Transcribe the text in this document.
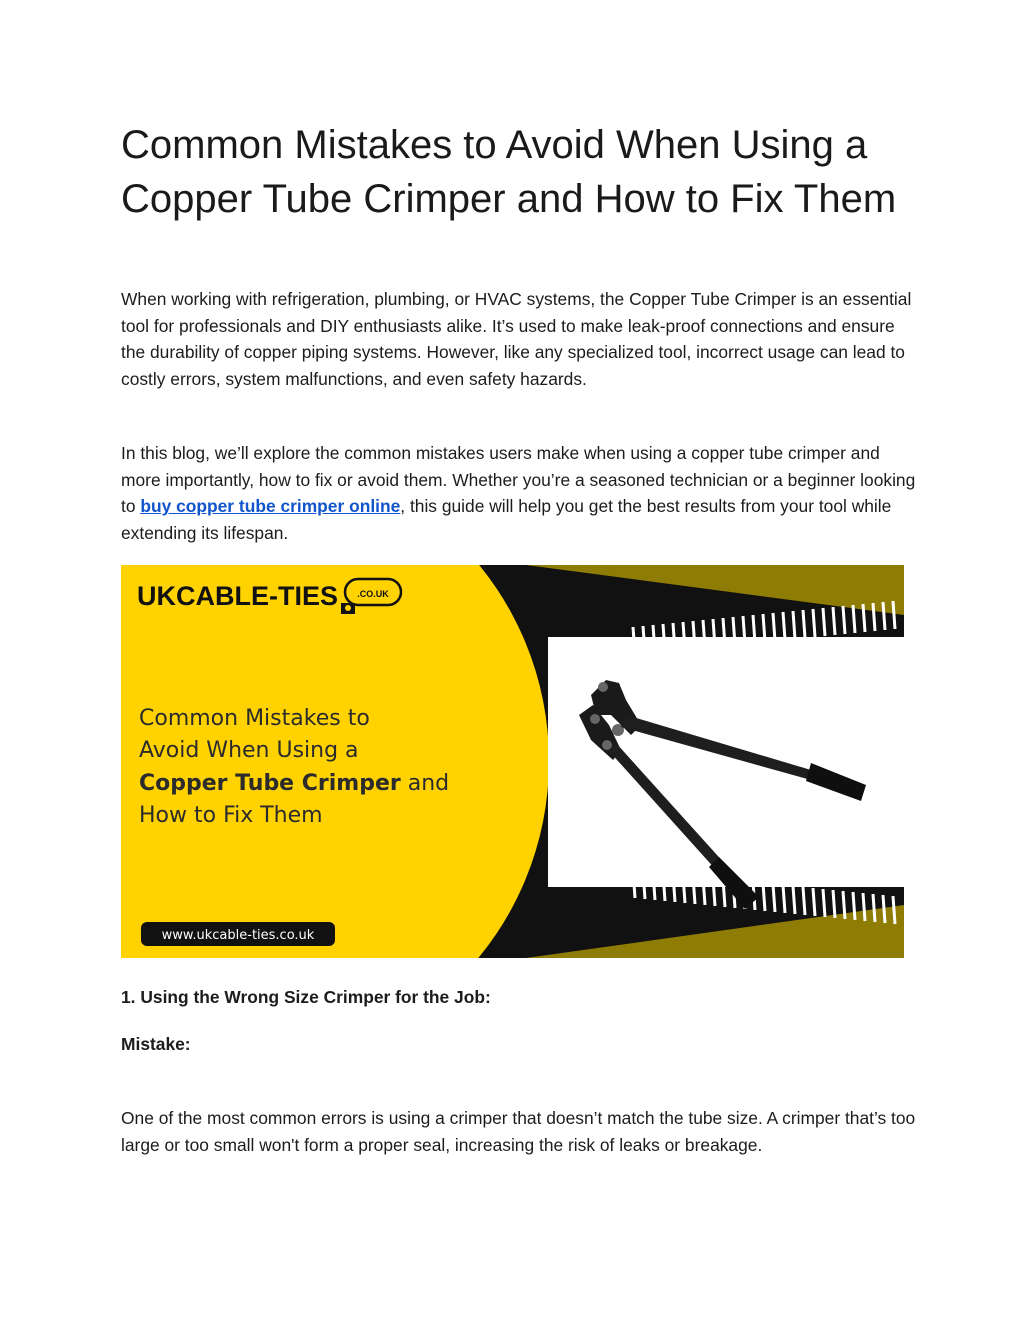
Common Mistakes to Avoid When Using a Copper Tube Crimper and How to Fix Them

When working with refrigeration, plumbing, or HVAC systems, the Copper Tube Crimper is an essential tool for professionals and DIY enthusiasts alike. It’s used to make leak-proof connections and ensure the durability of copper piping systems. However, like any specialized tool, incorrect usage can lead to costly errors, system malfunctions, and even safety hazards.

In this blog, we’ll explore the common mistakes users make when using a copper tube crimper and more importantly, how to fix or avoid them. Whether you’re a seasoned technician or a beginner looking to buy copper tube crimper online, this guide will help you get the best results from your tool while extending its lifespan.

UKCABLE-TIES .CO.UK
Common Mistakes to
Avoid When Using a
Copper Tube Crimper and
How to Fix Them
www.ukcable-ties.co.uk

1. Using the Wrong Size Crimper for the Job:

Mistake:

One of the most common errors is using a crimper that doesn’t match the tube size. A crimper that’s too large or too small won't form a proper seal, increasing the risk of leaks or breakage.
